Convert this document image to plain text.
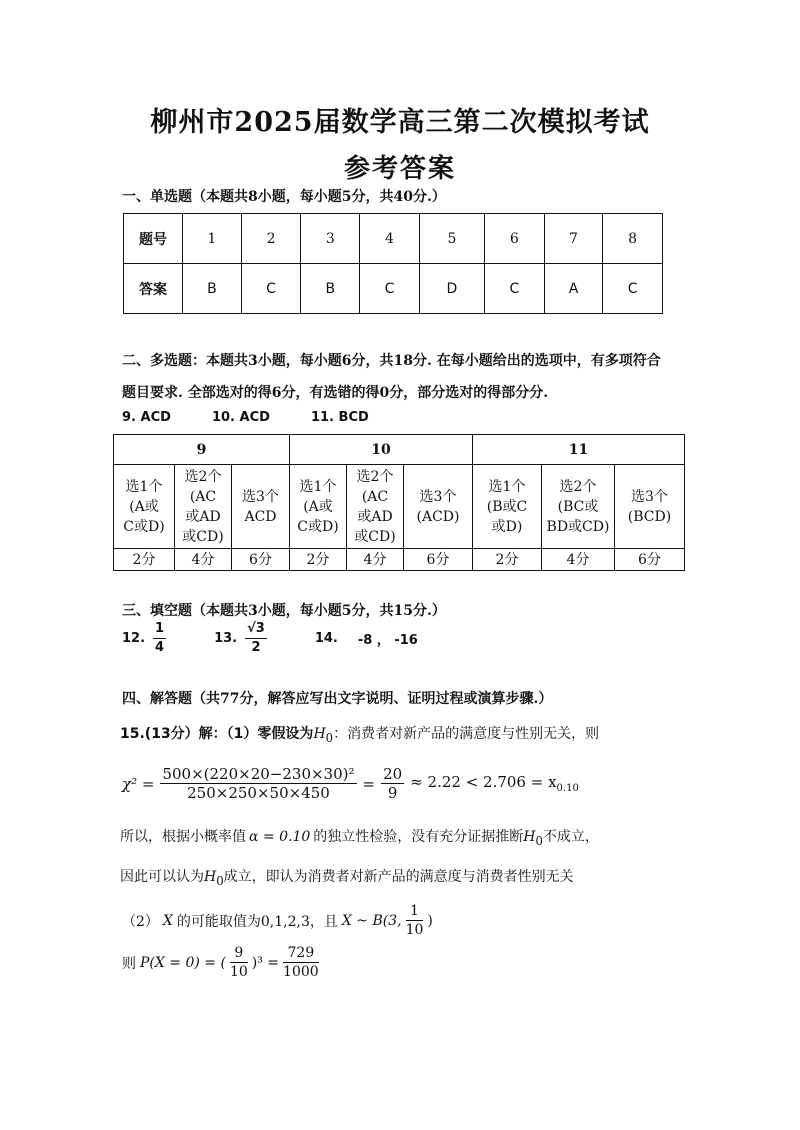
柳州市2025届数学高三第二次模拟考试
参考答案
一、单选题（本题共8小题，每小题5分，共40分.）
题号	1	2	3	4	5	6	7	8
答案	B	C	B	C	D	C	A	C
二、多选题：本题共3小题，每小题6分，共18分. 在每小题给出的选项中，有多项符合
题目要求. 全部选对的得6分，有选错的得0分，部分选对的得部分分.
9. ACD	10. ACD	11. BCD
9			10			11		
选1个
(A或
C或D)	选2个
(AC
或AD
或CD)	选3个
ACD	选1个
(A或
C或D)	选2个
(AC
或AD
或CD)	选3个
(ACD)	选1个
(B或C
或D)	选2个
(BC或
BD或CD)	选3个
(BCD)
2分	4分	6分	2分	4分	6分	2分	4分	6分
三、填空题（本题共3小题，每小题5分，共15分.）
12. $\frac{1}{4}$	13. $\frac{√3}{2}$	14. -8 ， -16
四、解答题（共77分，解答应写出文字说明、证明过程或演算步骤.）
15.(13分）解：（1）零假设为$H_0$：消费者对新产品的满意度与性别无关，则
$\chi^2 = \frac{\text{500×(220×20−230×30)²}}{250\times 250\times 50\times 450} = \frac{20}{9} \approx 2.22 < 2.706 = x_{0.10}$
所以，根据小概率值 α = 0.10 的独立性检验，没有充分证据推断$H_0$不成立，
因此可以认为$H_0$成立，即认为消费者对新产品的满意度与消费者性别无关
（2） X 的可能取值为0,1,2,3，且 X ~ B(3, $\frac{1}{10}$ )
则 P(X = 0) = ( $\frac{9}{10} )^3 = \frac{729}{1000}$
